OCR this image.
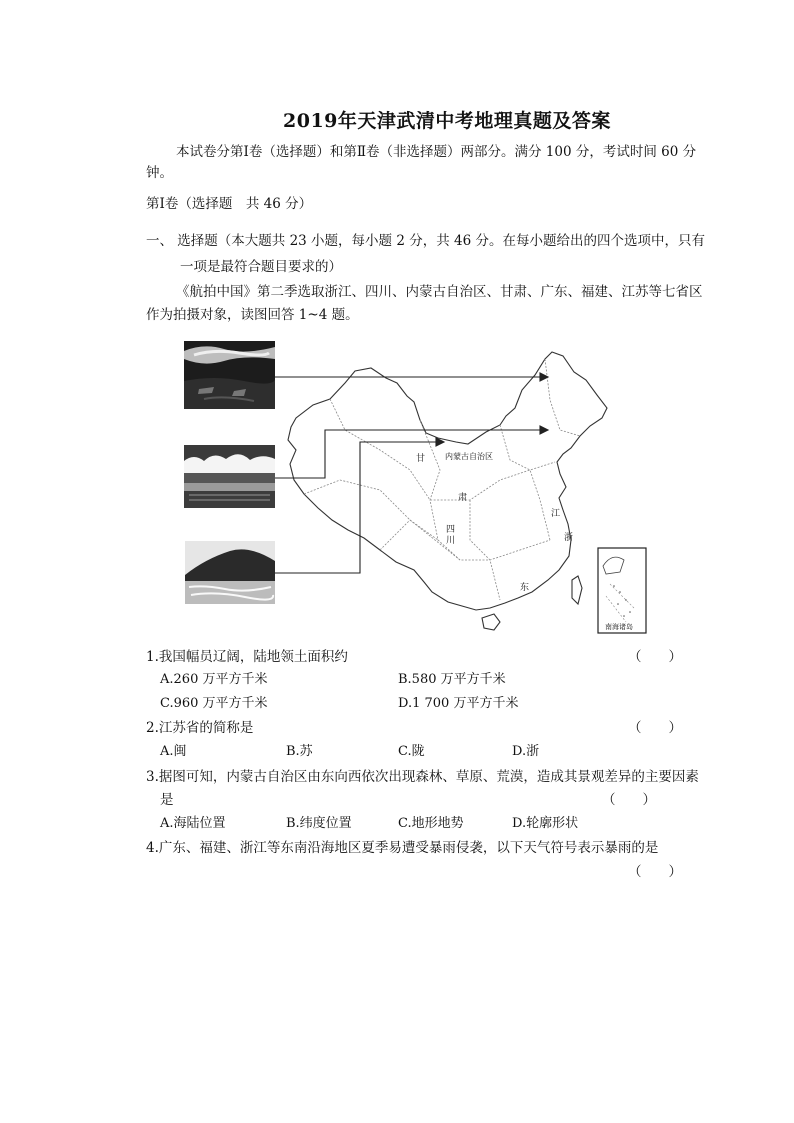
2019年天津武清中考地理真题及答案
本试卷分第Ⅰ卷（选择题）和第Ⅱ卷（非选择题）两部分。满分 100 分，考试时间 60 分
钟。
第Ⅰ卷（选择题　共 46 分）
一、 选择题（本大题共 23 小题，每小题 2 分，共 46 分。在每小题给出的四个选项中，只有
一项是最符合题目要求的）
《航拍中国》第二季选取浙江、四川、内蒙古自治区、甘肃、广东、福建、江苏等七省区
作为拍摄对象，读图回答 1~4 题。
甘 内蒙古自治区
肃
四川
江
浙
东
南海诸岛
1.我国幅员辽阔，陆地领土面积约	（　　）
A.260 万平方千米	B.580 万平方千米
C.960 万平方千米	D.1 700 万平方千米
2.江苏省的简称是	（　　）
A.闽	B.苏	C.陇	D.浙
3.据图可知，内蒙古自治区由东向西依次出现森林、草原、荒漠，造成其景观差异的主要因素
是	（　　）
A.海陆位置	B.纬度位置	C.地形地势	D.轮廓形状
4.广东、福建、浙江等东南沿海地区夏季易遭受暴雨侵袭，以下天气符号表示暴雨的是
（　　）
